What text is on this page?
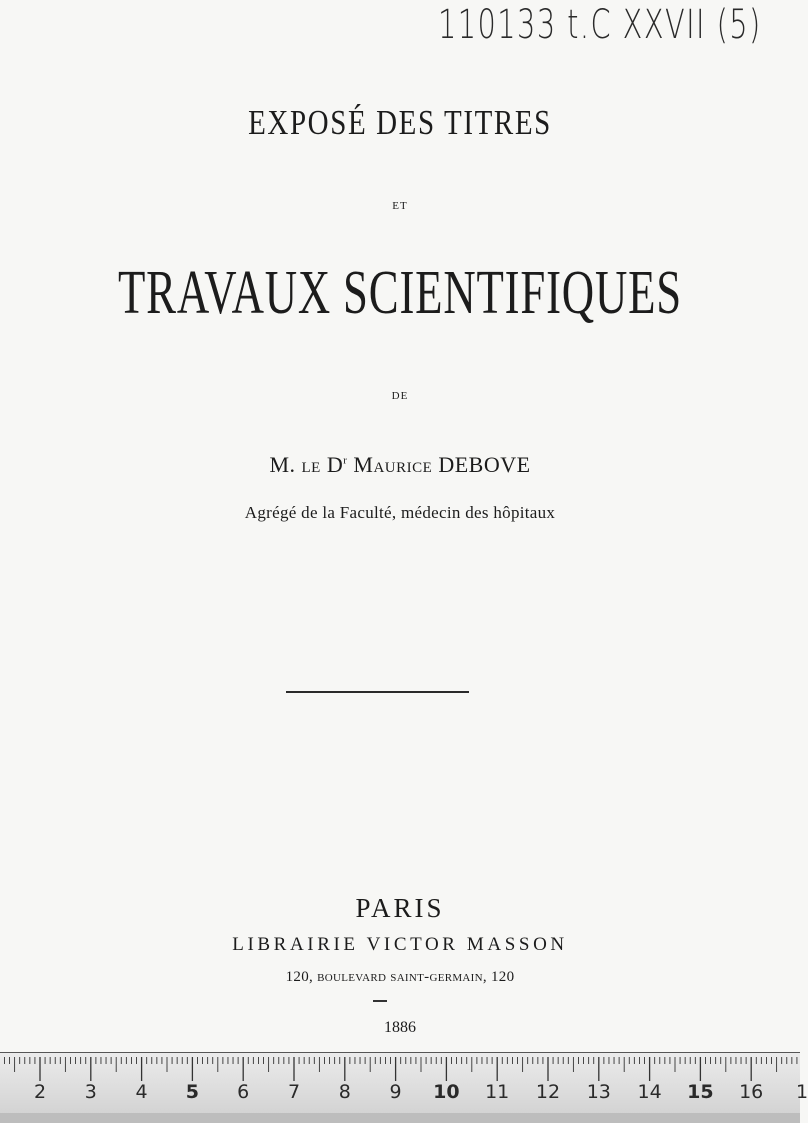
110133 t.C XXVII (5)
EXPOSÉ DES TITRES
ET
TRAVAUX SCIENTIFIQUES
DE
M. le $D^r$ Maurice DEBOVE
Agrégé de la Faculté, médecin des hôpitaux
PARIS
LIBRAIRIE VICTOR MASSON
120, boulevard saint-germain, 120
1886
2 3 4 5 6 7 8 9 10 11 12 13 14 15 16 1
